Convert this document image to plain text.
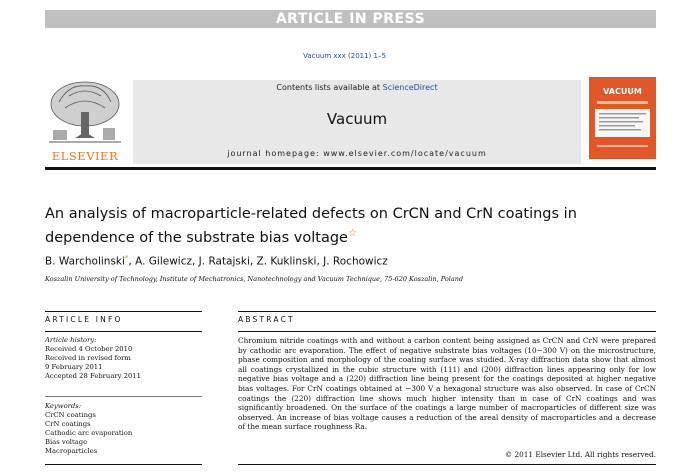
ARTICLE IN PRESS
Vacuum xxx (2011) 1–5
ELSEVIER
Contents lists available at ScienceDirect
Vacuum
journal homepage: www.elsevier.com/locate/vacuum
VACUUM
An analysis of macroparticle-related defects on CrCN and CrN coatings in dependence of the substrate bias voltage☆
B. Warcholinski*, A. Gilewicz, J. Ratajski, Z. Kuklinski, J. Rochowicz
Koszalin University of Technology, Institute of Mechatronics, Nanotechnology and Vacuum Technique, 75-620 Koszalin, Poland
ARTICLE INFO
Article history:
Received 4 October 2010
Received in revised form
9 February 2011
Accepted 28 February 2011
Keywords:
CrCN coatings
CrN coatings
Cathodic arc evaporation
Bias voltage
Macroparticles
ABSTRACT
Chromium nitride coatings with and without a carbon content being assigned as CrCN and CrN were prepared by cathodic arc evaporation. The effect of negative substrate bias voltages (10−300 V) on the microstructure, phase composition and morphology of the coating surface was studied. X-ray diffraction data show that almost all coatings crystallized in the cubic structure with (111) and (200) diffraction lines appearing only for low negative bias voltage and a (220) diffraction line being present for the coatings deposited at higher negative bias voltages. For CrN coatings obtained at −300 V a hexagonal structure was also observed. In case of CrCN coatings the (220) diffraction line shows much higher intensity than in case of CrN coatings and was significantly broadened. On the surface of the coatings a large number of macroparticles of different size was observed. An increase of bias voltage causes a reduction of the areal density of macroparticles and a decrease of the mean surface roughness Ra.
© 2011 Elsevier Ltd. All rights reserved.
